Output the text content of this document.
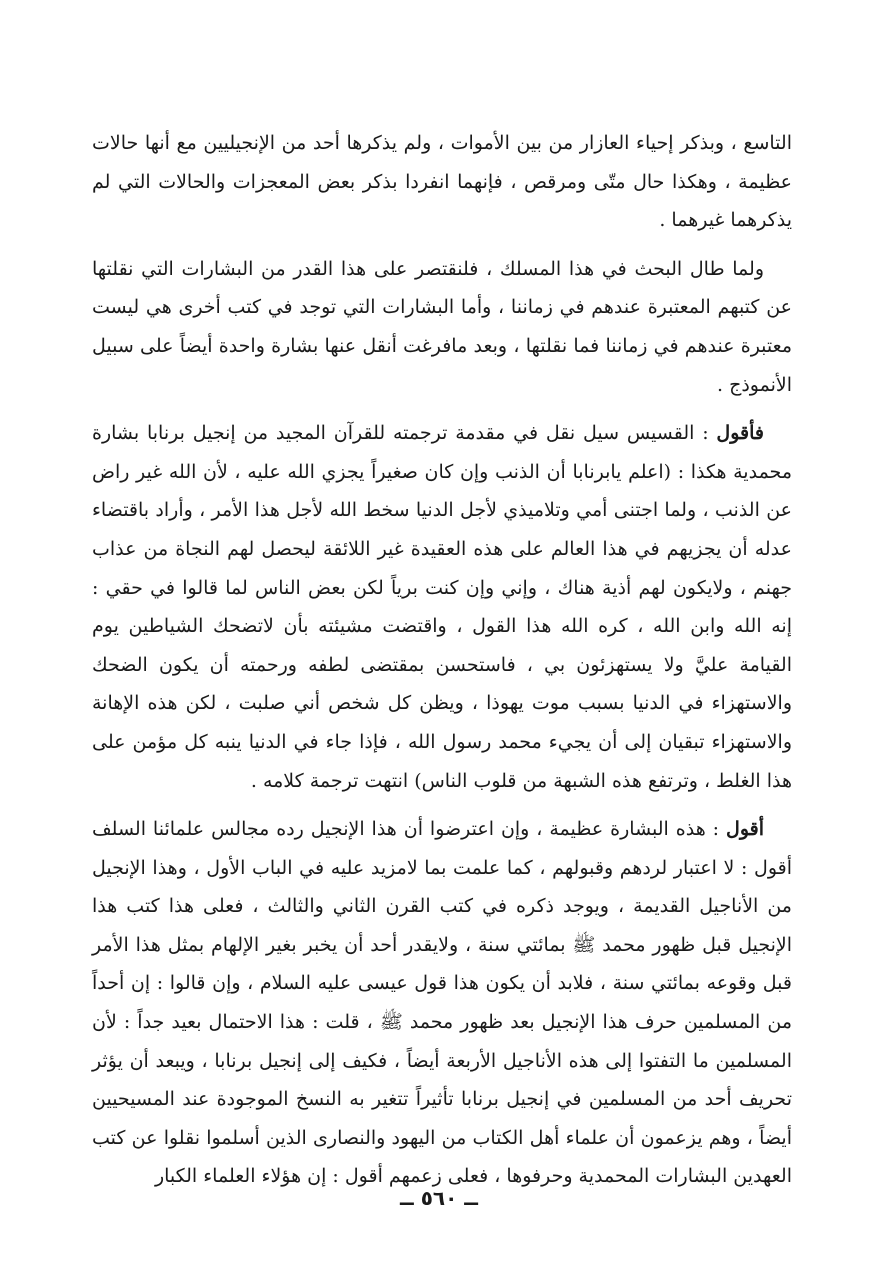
التاسع ، وبذكر إحياء العازار من بين الأموات ، ولم يذكرها أحد من الإنجيليين مع أنها حالات عظيمة ، وهكذا حال متّى ومرقص ، فإنهما انفردا بذكر بعض المعجزات والحالات التي لم يذكرهما غيرهما .

ولما طال البحث في هذا المسلك ، فلنقتصر على هذا القدر من البشارات التي نقلتها عن كتبهم المعتبرة عندهم في زماننا ، وأما البشارات التي توجد في كتب أخرى هي ليست معتبرة عندهم في زماننا فما نقلتها ، وبعد مافرغت أنقل عنها بشارة واحدة أيضاً على سبيل الأنموذج .

فأقول : القسيس سيل نقل في مقدمة ترجمته للقرآن المجيد من إنجيل برنابا بشارة محمدية هكذا : (اعلم يابرنابا أن الذنب وإن كان صغيراً يجزي الله عليه ، لأن الله غير راض عن الذنب ، ولما اجتنى أمي وتلاميذي لأجل الدنيا سخط الله لأجل هذا الأمر ، وأراد باقتضاء عدله أن يجزيهم في هذا العالم على هذه العقيدة غير اللائقة ليحصل لهم النجاة من عذاب جهنم ، ولايكون لهم أذية هناك ، وإني وإن كنت برياً لكن بعض الناس لما قالوا في حقي : إنه الله وابن الله ، كره الله هذا القول ، واقتضت مشيئته بأن لاتضحك الشياطين يوم القيامة عليَّ ولا يستهزئون بي ، فاستحسن بمقتضى لطفه ورحمته أن يكون الضحك والاستهزاء في الدنيا بسبب موت يهوذا ، ويظن كل شخص أني صلبت ، لكن هذه الإهانة والاستهزاء تبقيان إلى أن يجيء محمد رسول الله ، فإذا جاء في الدنيا ينبه كل مؤمن على هذا الغلط ، وترتفع هذه الشبهة من قلوب الناس) انتهت ترجمة كلامه .

أقول : هذه البشارة عظيمة ، وإن اعترضوا أن هذا الإنجيل رده مجالس علمائنا السلف أقول : لا اعتبار لردهم وقبولهم ، كما علمت بما لامزيد عليه في الباب الأول ، وهذا الإنجيل من الأناجيل القديمة ، ويوجد ذكره في كتب القرن الثاني والثالث ، فعلى هذا كتب هذا الإنجيل قبل ظهور محمد ﷺ بمائتي سنة ، ولايقدر أحد أن يخبر بغير الإلهام بمثل هذا الأمر قبل وقوعه بمائتي سنة ، فلابد أن يكون هذا قول عيسى عليه السلام ، وإن قالوا : إن أحداً من المسلمين حرف هذا الإنجيل بعد ظهور محمد ﷺ ، قلت : هذا الاحتمال بعيد جداً : لأن المسلمين ما التفتوا إلى هذه الأناجيل الأربعة أيضاً ، فكيف إلى إنجيل برنابا ، ويبعد أن يؤثر تحريف أحد من المسلمين في إنجيل برنابا تأثيراً تتغير به النسخ الموجودة عند المسيحيين أيضاً ، وهم يزعمون أن علماء أهل الكتاب من اليهود والنصارى الذين أسلموا نقلوا عن كتب العهدين البشارات المحمدية وحرفوها ، فعلى زعمهم أقول : إن هؤلاء العلماء الكبار

ــ ٥٦٠ ــ
